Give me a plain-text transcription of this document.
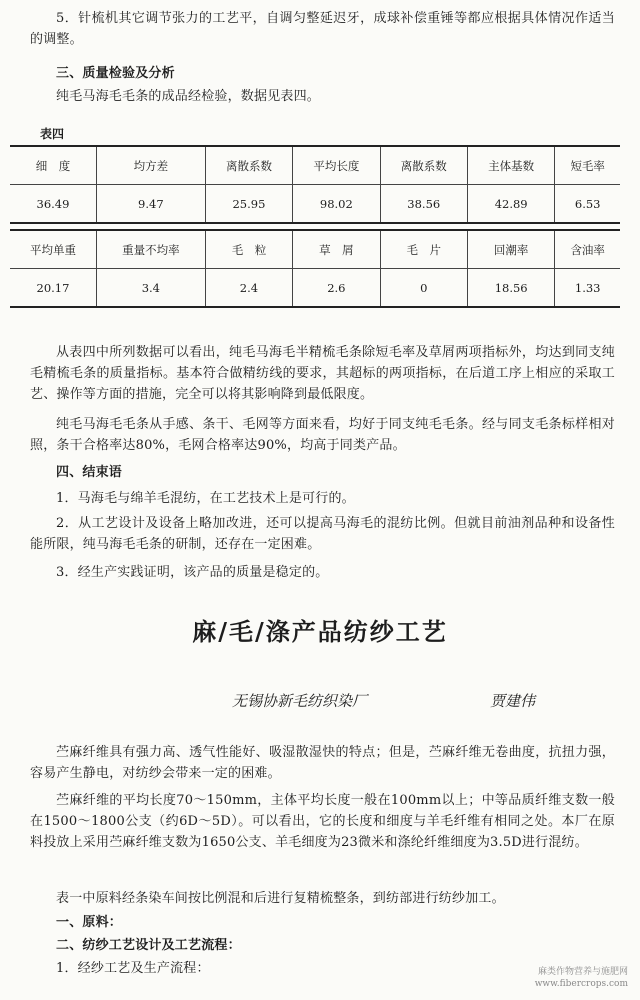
5．针梳机其它调节张力的工艺平，自调匀整延迟牙，成球补偿重锤等都应根据具体情况作适当的调整。

三、质量检验及分析

纯毛马海毛毛条的成品经检验，数据见表四。

表四
细　度	均方差	离散系数	平均长度	离散系数	主体基数	短毛率
36.49	9.47	25.95	98.02	38.56	42.89	6.53

平均单重	重量不均率	毛　粒	草　屑	毛　片	回潮率	含油率
20.17	3.4	2.4	2.6	0	18.56	1.33

从表四中所列数据可以看出，纯毛马海毛半精梳毛条除短毛率及草屑两项指标外，均达到同支纯毛精梳毛条的质量指标。基本符合做精纺线的要求，其超标的两项指标，在后道工序上相应的采取工艺、操作等方面的措施，完全可以将其影响降到最低限度。

纯毛马海毛毛条从手感、条干、毛网等方面来看，均好于同支纯毛毛条。经与同支毛条标样相对照，条干合格率达80%，毛网合格率达90%，均高于同类产品。

四、结束语

1．马海毛与绵羊毛混纺，在工艺技术上是可行的。

2．从工艺设计及设备上略加改进，还可以提高马海毛的混纺比例。但就目前油剂品种和设备性能所限，纯马海毛毛条的研制，还存在一定困难。

3．经生产实践证明，该产品的质量是稳定的。

麻/毛/涤产品纺纱工艺
无锡协新毛纺织染厂	贾建伟

苎麻纤维具有强力高、透气性能好、吸湿散湿快的特点；但是，苎麻纤维无卷曲度，抗扭力强，容易产生静电，对纺纱会带来一定的困难。

苎麻纤维的平均长度70～150mm，主体平均长度一般在100mm以上；中等品质纤维支数一般在1500～1800公支（约6D～5D）。可以看出，它的长度和细度与羊毛纤维有相同之处。本厂在原料投放上采用苎麻纤维支数为1650公支、羊毛细度为23微米和涤纶纤维细度为3.5D进行混纺。

表一中原料经条染车间按比例混和后进行复精梳整条，到纺部进行纺纱加工。

一、原料：

二、纺纱工艺设计及工艺流程：

1．经纱工艺及生产流程：	麻类作物营养与施肥网
www.fibercrops.com
